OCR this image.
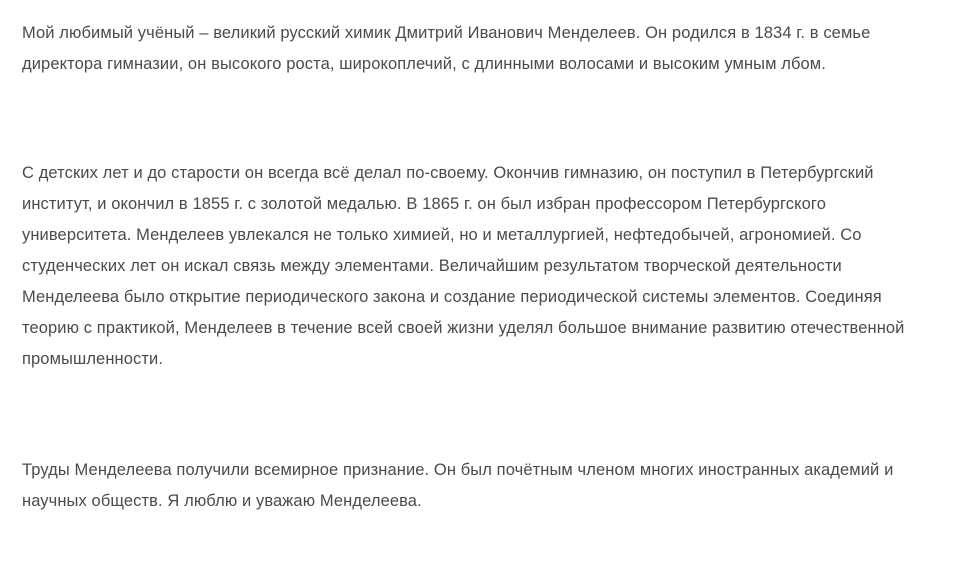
Мой любимый учёный – великий русский химик Дмитрий Иванович Менделеев. Он родился в 1834 г. в семье директора гимназии, он высокого роста, широкоплечий, с длинными волосами и высоким умным лбом.

С детских лет и до старости он всегда всё делал по-своему. Окончив гимназию, он поступил в Петербургский институт, и окончил в 1855 г. с золотой медалью. В 1865 г. он был избран профессором Петербургского университета. Менделеев увлекался не только химией, но и металлургией, нефтедобычей, агрономией. Со студенческих лет он искал связь между элементами. Величайшим результатом творческой деятельности Менделеева было открытие периодического закона и создание периодической системы элементов. Соединяя теорию с практикой, Менделеев в течение всей своей жизни уделял большое внимание развитию отечественной промышленности.

Труды Менделеева получили всемирное признание. Он был почётным членом многих иностранных академий и научных обществ. Я люблю и уважаю Менделеева.
